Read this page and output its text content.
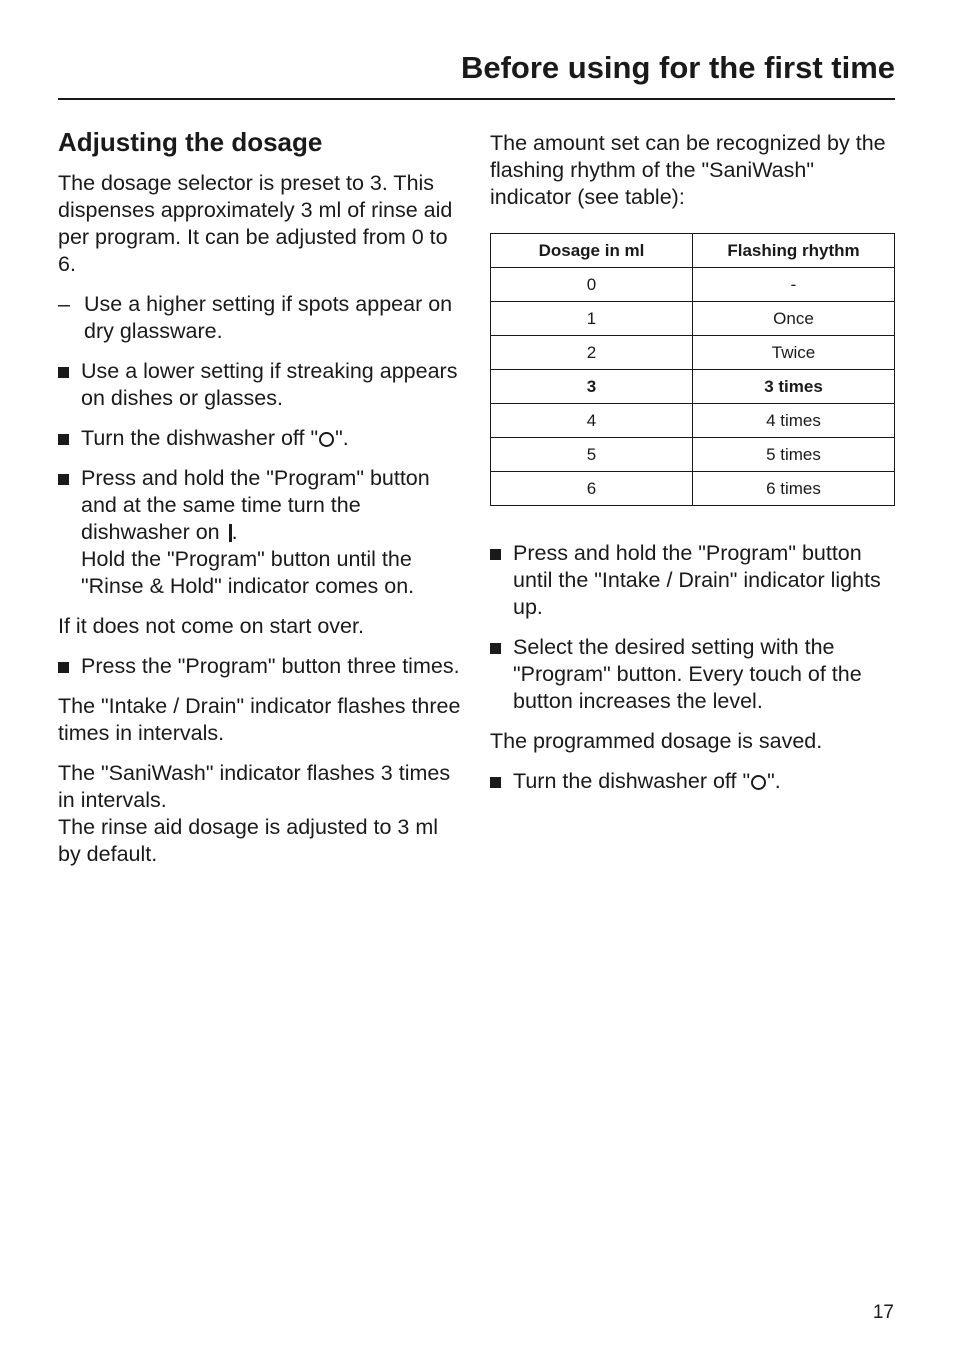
Before using for the first time
Adjusting the dosage

The dosage selector is preset to 3. This dispenses approximately 3 ml of rinse aid per program. It can be adjusted from 0 to 6.

– Use a higher setting if spots appear on dry glassware.
Use a lower setting if streaking appears on dishes or glasses.
Turn the dishwasher off " ".
Press and hold the "Program" button and at the same time turn the dishwasher on .
Hold the "Program" button until the "Rinse & Hold" indicator comes on.

If it does not come on start over.

Press the "Program" button three times.

The "Intake / Drain" indicator flashes three times in intervals.

The "SaniWash" indicator flashes 3 times in intervals.
The rinse aid dosage is adjusted to 3 ml by default.

The amount set can be recognized by the flashing rhythm of the "SaniWash" indicator (see table):

Dosage in ml	Flashing rhythm
0	-
1	Once
2	Twice
3	3 times
4	4 times
5	5 times
6	6 times
Press and hold the "Program" button until the "Intake / Drain" indicator lights up.
Select the desired setting with the "Program" button. Every touch of the button increases the level.

The programmed dosage is saved.

Turn the dishwasher off " ".
17
